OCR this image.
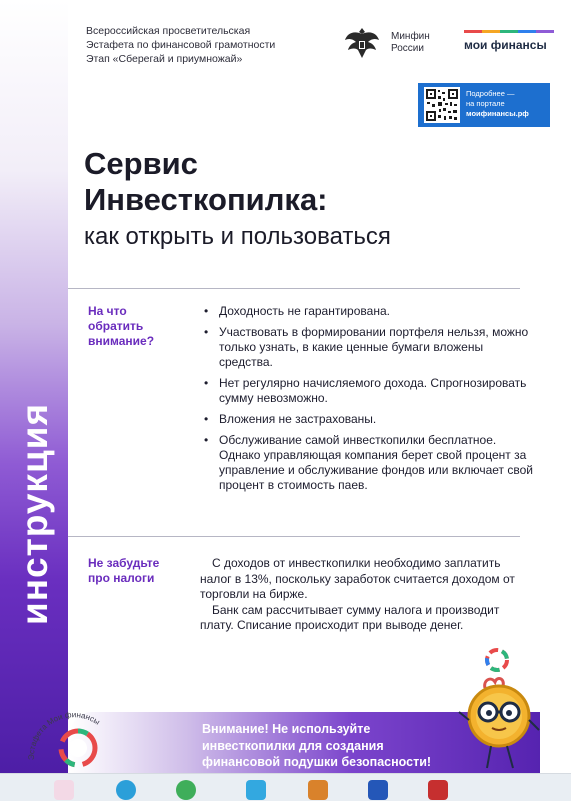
инструкция
Всероссийская просветительская
Эстафета по финансовой грамотности
Этап «Сберегай и приумножай»
Минфин
России	мои финансы
Подробнее —
на портале
моифинансы.рф
Сервис
Инвесткопилка:
как открыть и пользоваться
На что
обратить
внимание?
• Доходность не гарантирована.
• Участвовать в формировании портфеля нельзя, можно только узнать, в какие ценные бумаги вложены средства.
• Нет регулярно начисляемого дохода. Спрогнозировать сумму невозможно.
• Вложения не застрахованы.
• Обслуживание самой инвесткопилки бесплатное. Однако управляющая компания берет свой процент за управление и обслуживание фондов или включает свой процент в стоимость паев.
Не забудьте
про налоги

С доходов от инвесткопилки необходимо заплатить налог в 13%, поскольку заработок считается доходом от торговли на бирже.

Банк сам рассчитывает сумму налога и производит плату. Списание происходит при выводе денег.

Внимание! Не используйте
инвесткопилки для создания
финансовой подушки безопасности!
Эстафета Мои финансы
